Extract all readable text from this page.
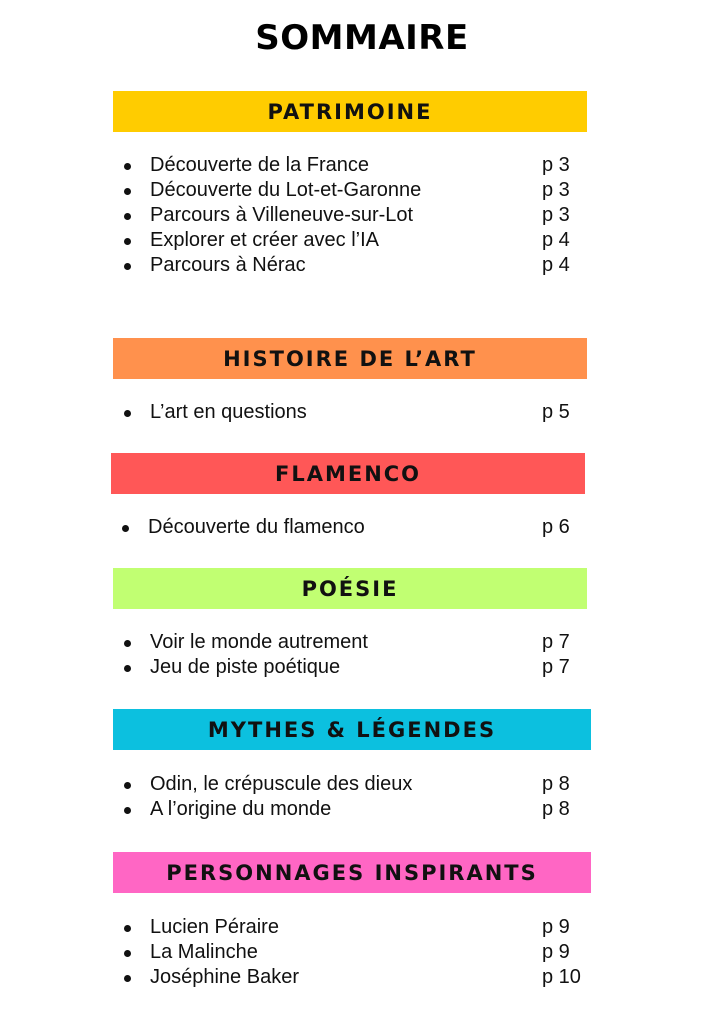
SOMMAIRE
PATRIMOINE
Découverte de la France	p 3
Découverte du Lot-et-Garonne	p 3
Parcours à Villeneuve-sur-Lot	p 3
Explorer et créer avec l’IA	p 4
Parcours à Nérac	p 4
HISTOIRE DE L’ART
L’art en questions	p 5
FLAMENCO
Découverte du flamenco	p 6
POÉSIE
Voir le monde autrement	p 7
Jeu de piste poétique	p 7
MYTHES & LÉGENDES
Odin, le crépuscule des dieux	p 8
A l’origine du monde	p 8
PERSONNAGES INSPIRANTS
Lucien Péraire	p 9
La Malinche	p 9
Joséphine Baker	p 10
